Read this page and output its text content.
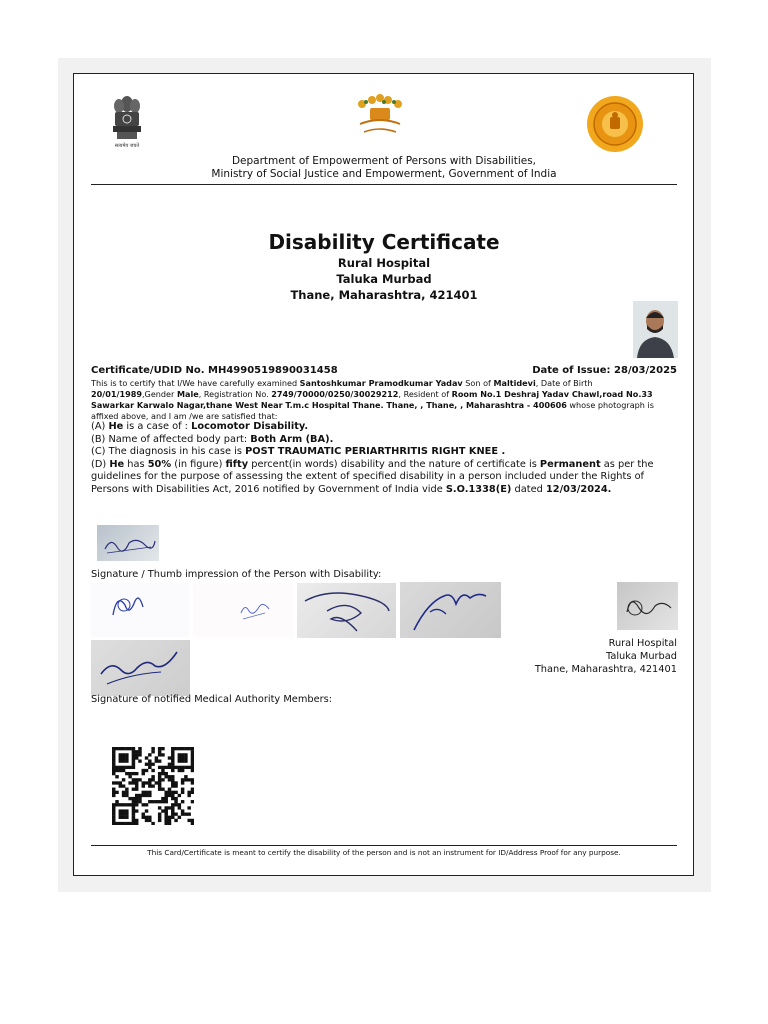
सत्यमेव जयते
Department of Empowerment of Persons with Disabilities,
Ministry of Social Justice and Empowerment, Government of India
Disability Certificate
Rural Hospital
Taluka Murbad
Thane, Maharashtra, 421401
Certificate/UDID No. MH4990519890031458	Date of Issue: 28/03/2025
This is to certify that I/We have carefully examined Santoshkumar Pramodkumar Yadav Son of Maltidevi, Date of Birth 20/01/1989,Gender Male, Registration No. 2749/70000/0250/30029212, Resident of Room No.1 Deshraj Yadav Chawl,road No.33 Sawarkar Karwalo Nagar,thane West Near T.m.c Hospital Thane. Thane, , Thane, , Maharashtra - 400606 whose photograph is affixed above, and I am /we are satisfied that:

(A) He is a case of : Locomotor Disability.

(B) Name of affected body part: Both Arm (BA).

(C) The diagnosis in his case is POST TRAUMATIC PERIARTHRITIS RIGHT KNEE .

(D) He has 50% (in figure) fifty percent(in words) disability and the nature of certificate is Permanent as per the guidelines for the purpose of assessing the extent of specified disability in a person included under the Rights of Persons with Disabilities Act, 2016 notified by Government of India vide S.O.1338(E) dated 12/03/2024.

Signature / Thumb impression of the Person with Disability:
Rural Hospital
Taluka Murbad
Thane, Maharashtra, 421401
Signature of notified Medical Authority Members:
This Card/Certificate is meant to certify the disability of the person and is not an instrument for ID/Address Proof for any purpose.
